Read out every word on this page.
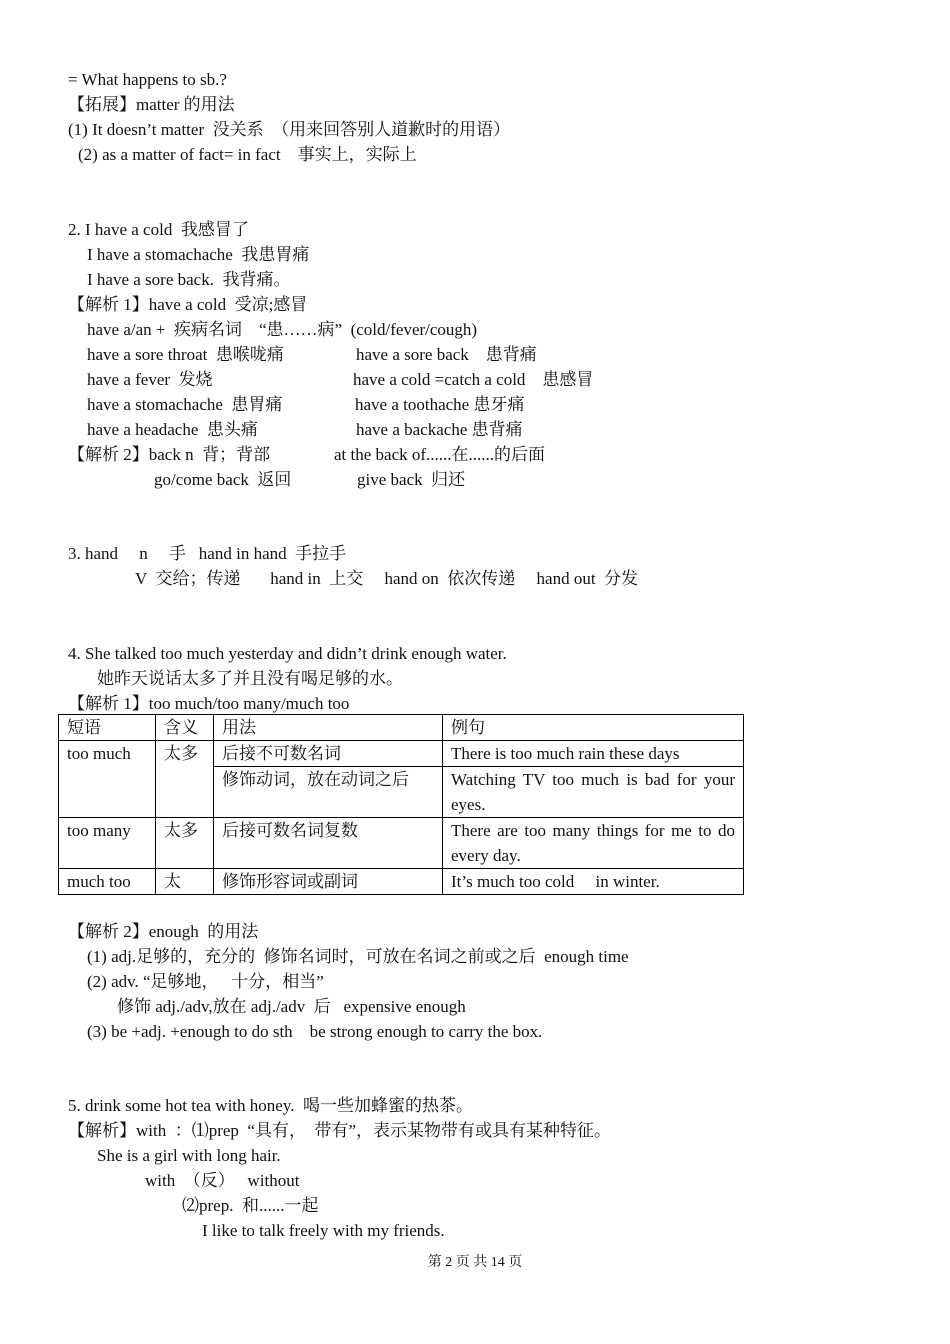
= What happens to sb.?
【拓展】matter 的用法
(1) It doesn’t matter  没关系  （用来回答别人道歉时的用语）
(2) as a matter of fact= in fact    事实上，实际上
2. I have a cold  我感冒了
I have a stomachache  我患胃痛
I have a sore back.  我背痛。
【解析 1】have a cold  受凉;感冒
have a/an +  疾病名词    “患……病”  (cold/fever/cough)
have a sore throat  患喉咙痛	have a sore back    患背痛
have a fever  发烧	have a cold =catch a cold    患感冒
have a stomachache  患胃痛	have a toothache 患牙痛
have a headache  患头痛	have a backache 患背痛
【解析 2】back n  背；背部	at the back of......在......的后面
go/come back  返回	give back  归还
3. hand     n     手   hand in hand  手拉手
V  交给；传递       hand in  上交     hand on  依次传递     hand out  分发
4. She talked too much yesterday and didn’t drink enough water.
她昨天说话太多了并且没有喝足够的水。
【解析 1】too much/too many/much too
短语	含义	用法	例句
too much	太多	后接不可数名词	There is too much rain these days
		修饰动词，放在动词之后	Watching TV too much is bad for your eyes.
too many	太多	后接可数名词复数	There are too many things for me to do every day.
much too	太	修饰形容词或副词	It’s much too cold     in winter.
【解析 2】enough  的用法
(1) adj.足够的，充分的  修饰名词时，可放在名词之前或之后  enough time
(2) adv. “足够地，   十分，相当”
修饰 adj./adv,放在 adj./adv  后   expensive enough
(3) be +adj. +enough to do sth    be strong enough to carry the box.
5. drink some hot tea with honey.  喝一些加蜂蜜的热茶。
【解析】with  ：⑴prep  “具有，  带有”，表示某物带有或具有某种特征。
She is a girl with long hair.
with  （反）   without
⑵prep.  和......一起
I like to talk freely with my friends.
第 2 页 共 14 页
